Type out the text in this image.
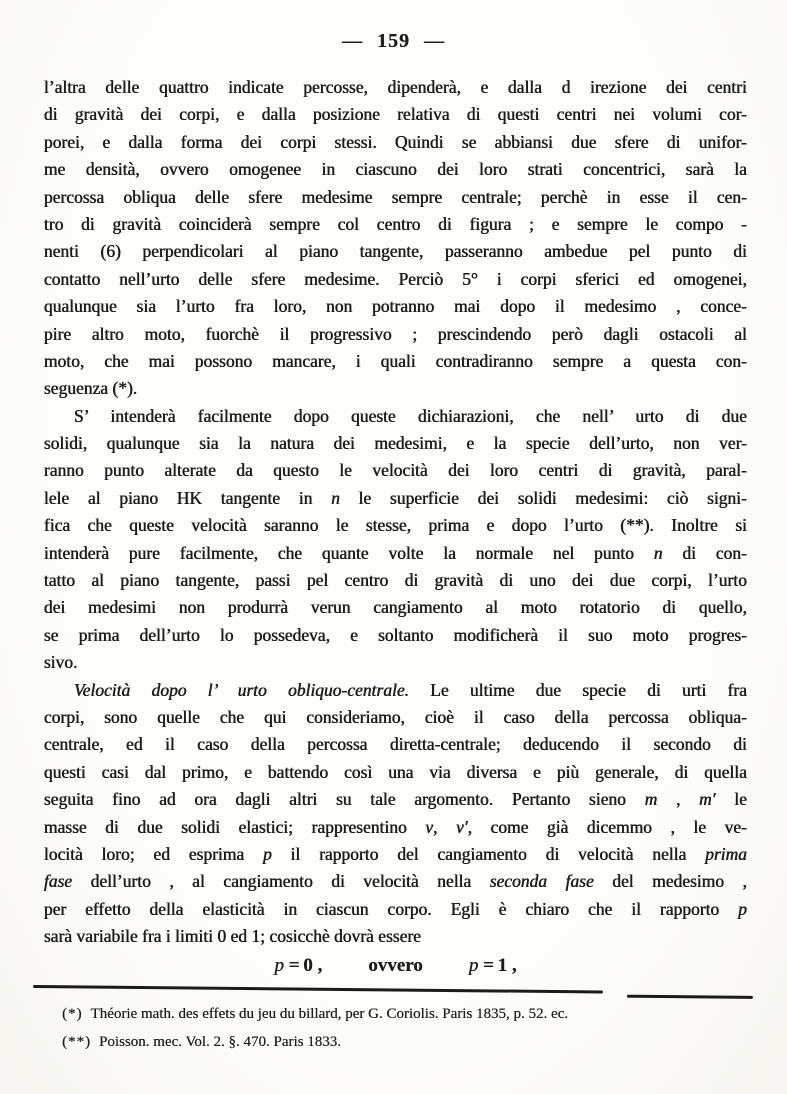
— 159 —
l’altra delle quattro indicate percosse, dipenderà, e dalla d irezione dei centri
di gravità dei corpi, e dalla posizione relativa di questi centri nei volumi cor-
porei, e dalla forma dei corpi stessi. Quindi se abbiansi due sfere di unifor-
me densità, ovvero omogenee in ciascuno dei loro strati concentrici, sarà la
percossa obliqua delle sfere medesime sempre centrale; perchè in esse il cen-
tro di gravità coinciderà sempre col centro di figura ; e sempre le compo -
nenti (6) perpendicolari al piano tangente, passeranno ambedue pel punto di
contatto nell’urto delle sfere medesime. Perciò 5° i corpi sferici ed omogenei,
qualunque sia l’urto fra loro, non potranno mai dopo il medesimo , conce-
pire altro moto, fuorchè il progressivo ; prescindendo però dagli ostacoli al
moto, che mai possono mancare, i quali contradiranno sempre a questa con-
seguenza (*).
S’ intenderà facilmente dopo queste dichiarazioni, che nell’ urto di due
solidi, qualunque sia la natura dei medesimi, e la specie dell’urto, non ver-
ranno punto alterate da questo le velocità dei loro centri di gravità, paral-
lele al piano HK tangente in n le superficie dei solidi medesimi: ciò signi-
fica che queste velocità saranno le stesse, prima e dopo l’urto (**). Inoltre si
intenderà pure facilmente, che quante volte la normale nel punto n di con-
tatto al piano tangente, passi pel centro di gravità di uno dei due corpi, l’urto
dei medesimi non produrrà verun cangiamento al moto rotatorio di quello,
se prima dell’urto lo possedeva, e soltanto modificherà il suo moto progres-
sivo.
Velocità dopo l’ urto obliquo-centrale. Le ultime due specie di urti fra
corpi, sono quelle che qui consideriamo, cioè il caso della percossa obliqua-
centrale, ed il caso della percossa diretta-centrale; deducendo il secondo di
questi casi dal primo, e battendo così una via diversa e più generale, di quella
seguita fino ad ora dagli altri su tale argomento. Pertanto sieno m , m′ le
masse di due solidi elastici; rappresentino v, v′, come già dicemmo , le ve-
locità loro; ed esprima p il rapporto del cangiamento di velocità nella prima
fase dell’urto , al cangiamento di velocità nella seconda fase del medesimo ,
per effetto della elasticità in ciascun corpo. Egli è chiaro che il rapporto p
sarà variabile fra i limiti 0 ed 1; cosicchè dovrà essere
p = 0 , ovvero p = 1 ,
(*) Théorie math. des effets du jeu du billard, per G. Coriolis. Paris 1835, p. 52. ec.
(**) Poisson. mec. Vol. 2. §. 470. Paris 1833.
